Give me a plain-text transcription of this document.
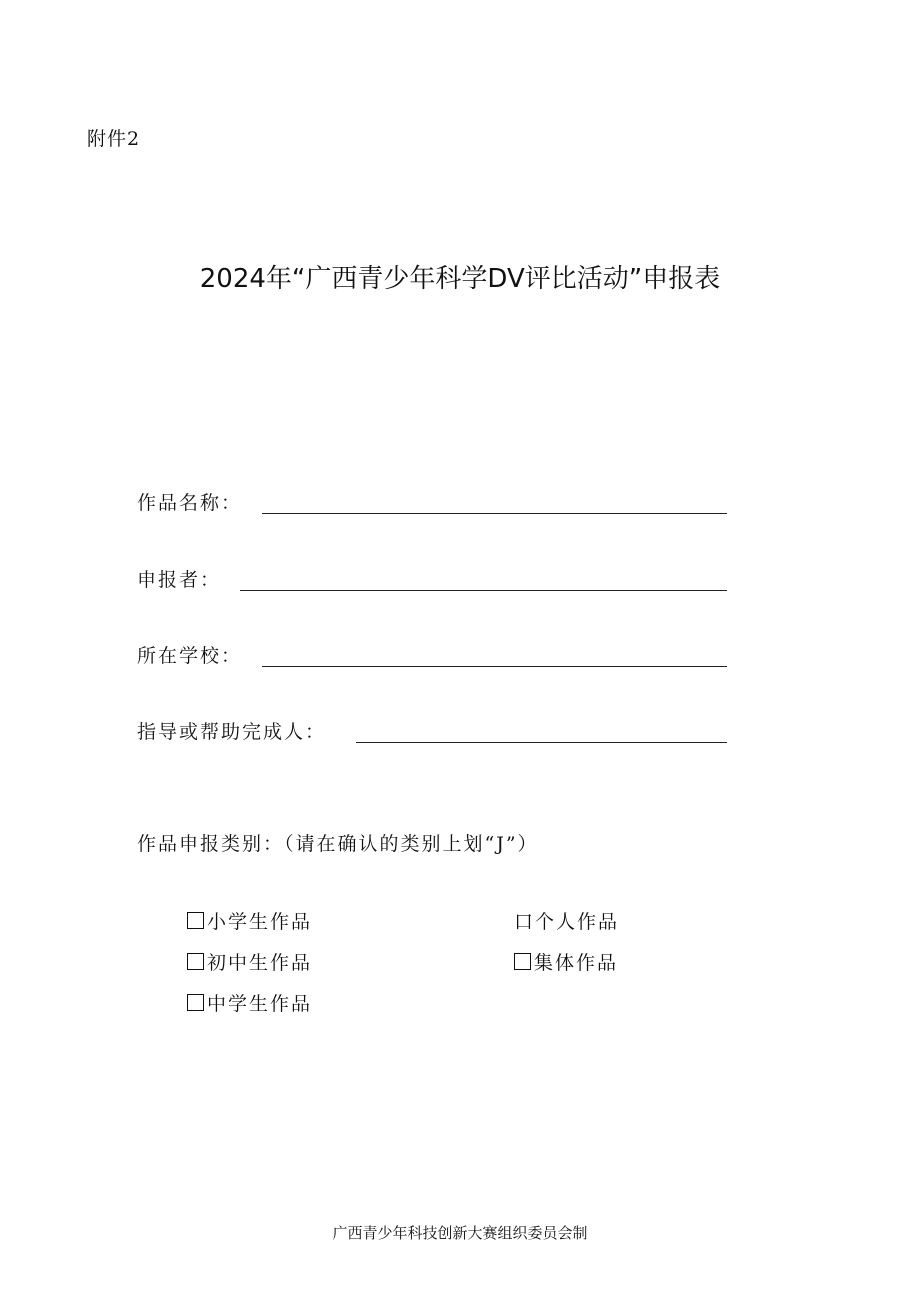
附件2
2024年“广西青少年科学DV评比活动”申报表
作品名称：
申报者：
所在学校：
指导或帮助完成人：
作品申报类别：（请在确认的类别上划“J”）
小学生作品
初中生作品
中学生作品
口 个人作品
集体作品
广西青少年科技创新大赛组织委员会制
